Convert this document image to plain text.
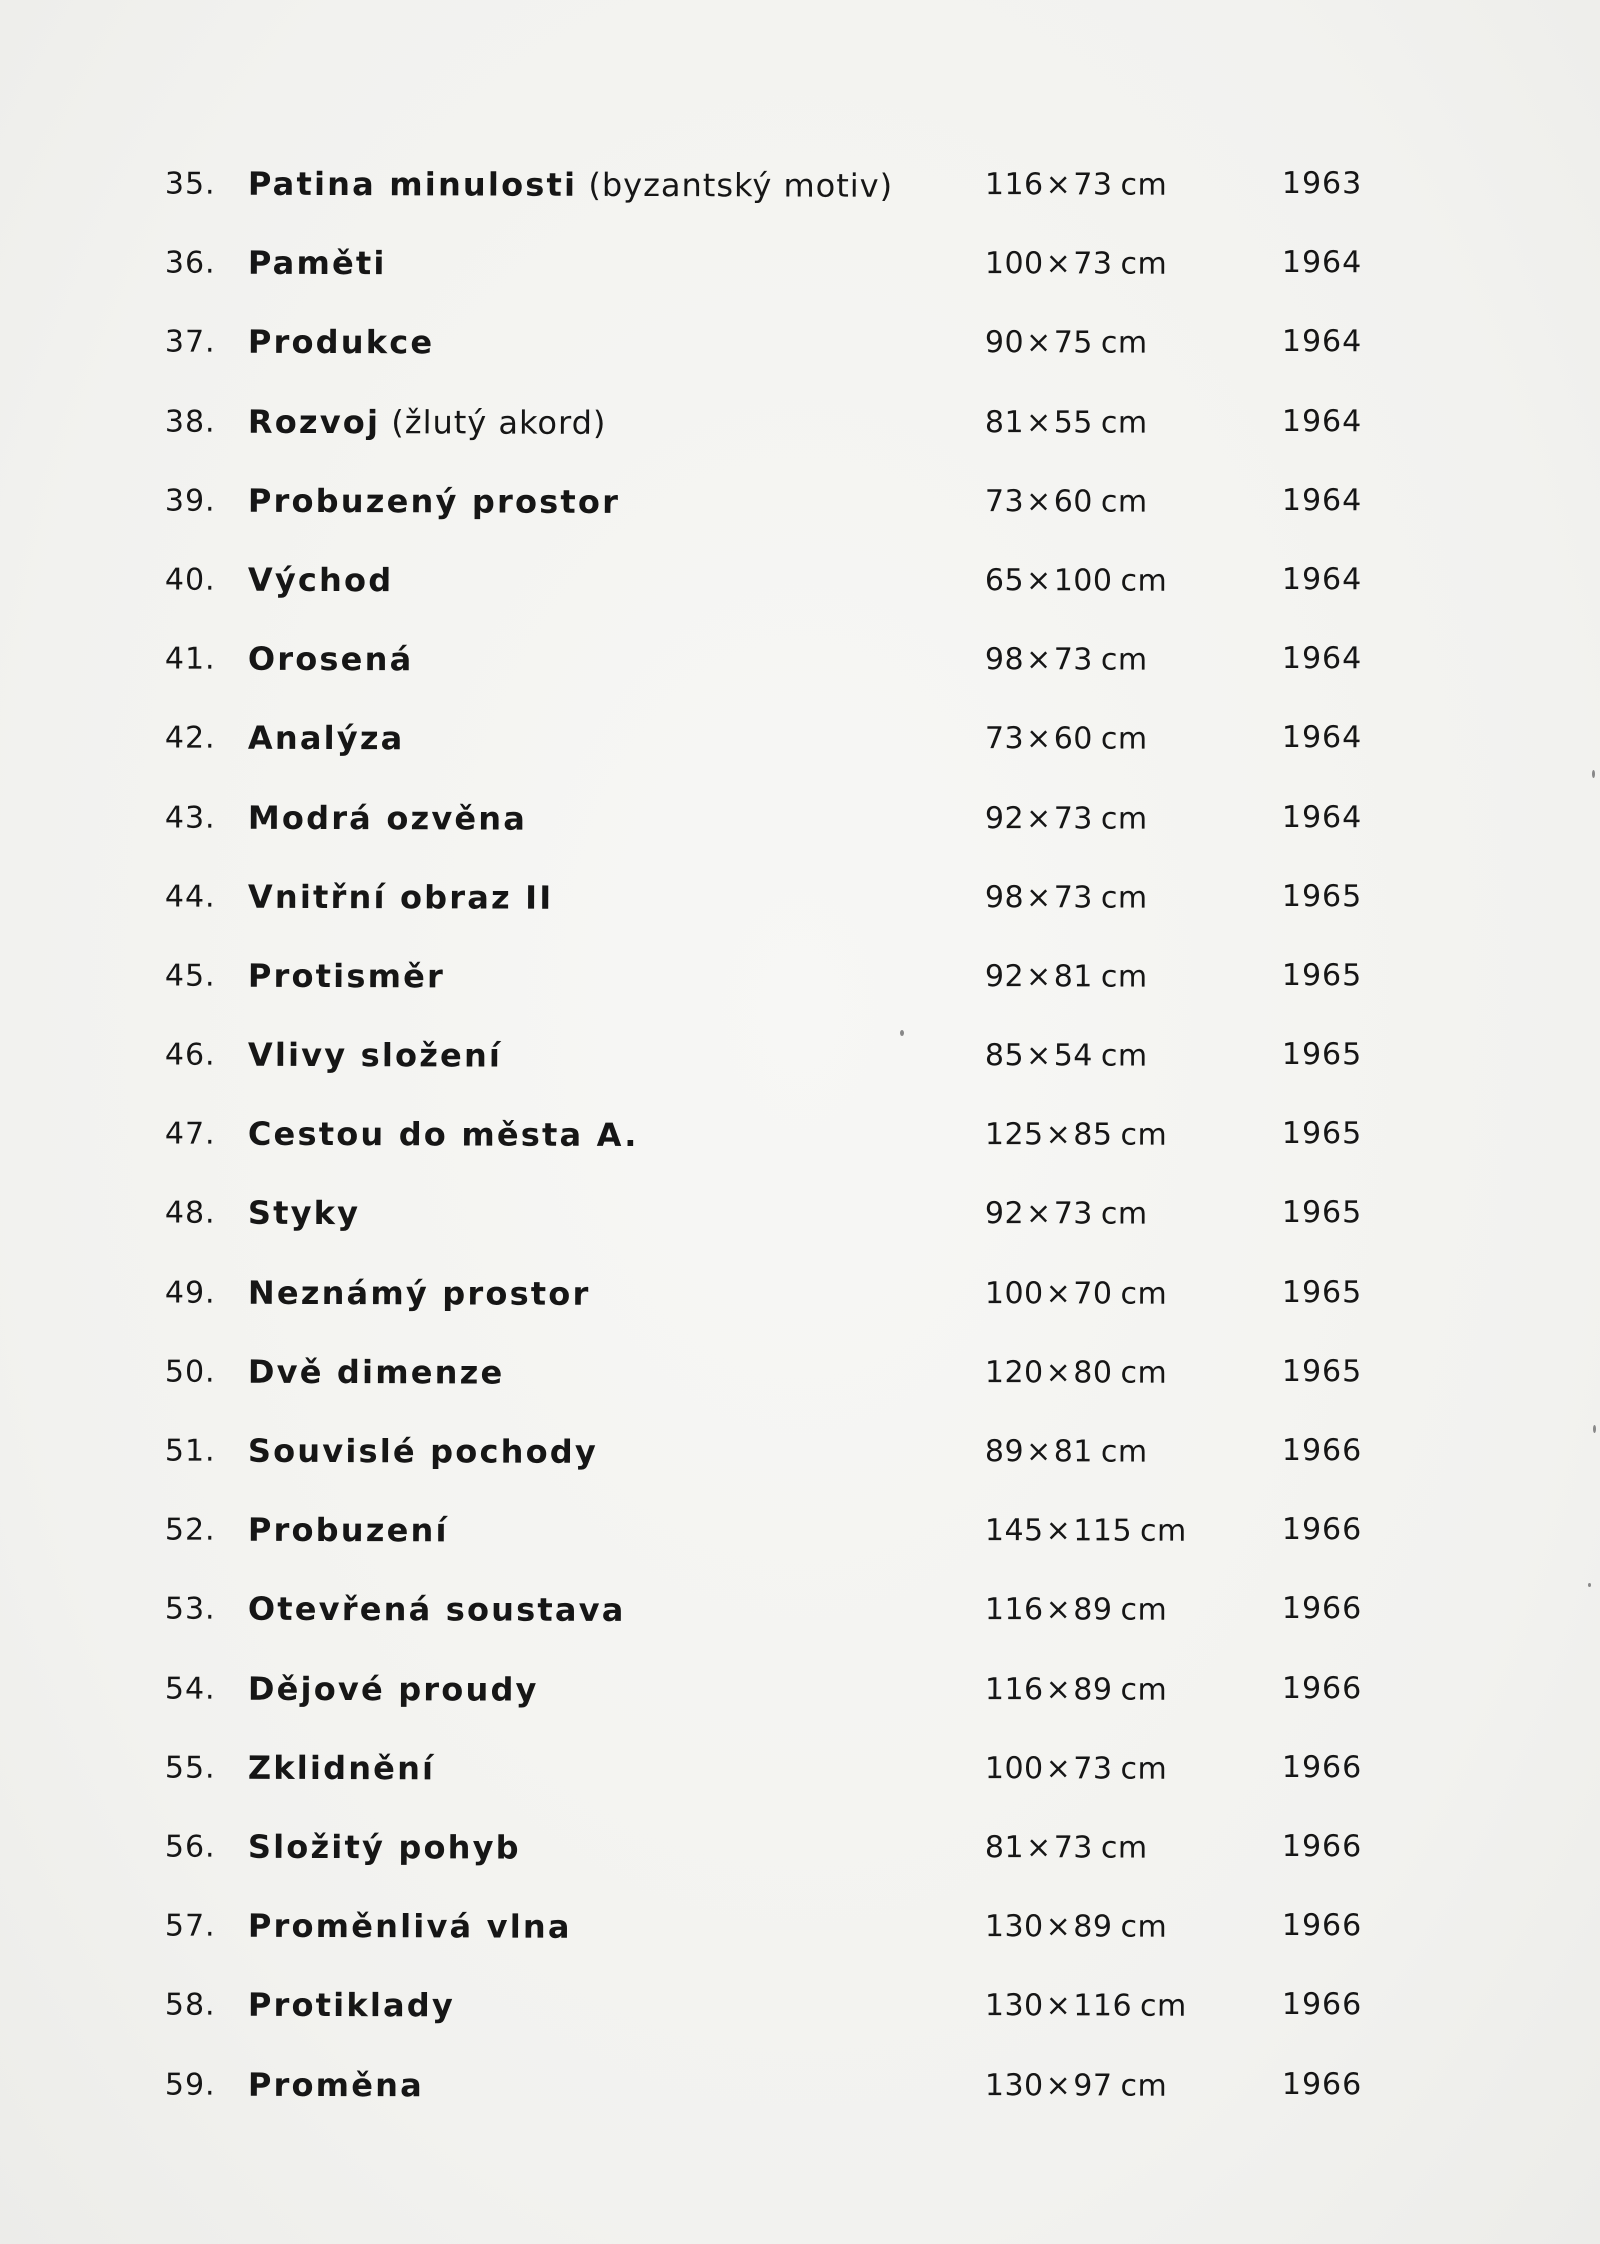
35. Patina minulosti (byzantský motiv)	116×73 cm	1963
36. Paměti	100×73 cm	1964
37. Produkce	90×75 cm	1964
38. Rozvoj (žlutý akord)	81×55 cm	1964
39. Probuzený prostor	73×60 cm	1964
40. Východ	65×100 cm	1964
41. Orosená	98×73 cm	1964
42. Analýza	73×60 cm	1964
43. Modrá ozvěna	92×73 cm	1964
44. Vnitřní obraz II	98×73 cm	1965
45. Protisměr	92×81 cm	1965
46. Vlivy složení	85×54 cm	1965
47. Cestou do města A.	125×85 cm	1965
48. Styky	92×73 cm	1965
49. Neznámý prostor	100×70 cm	1965
50. Dvě dimenze	120×80 cm	1965
51. Souvislé pochody	89×81 cm	1966
52. Probuzení	145×115 cm	1966
53. Otevřená soustava	116×89 cm	1966
54. Dějové proudy	116×89 cm	1966
55. Zklidnění	100×73 cm	1966
56. Složitý pohyb	81×73 cm	1966
57. Proměnlivá vlna	130×89 cm	1966
58. Protiklady	130×116 cm	1966
59. Proměna	130×97 cm	1966
